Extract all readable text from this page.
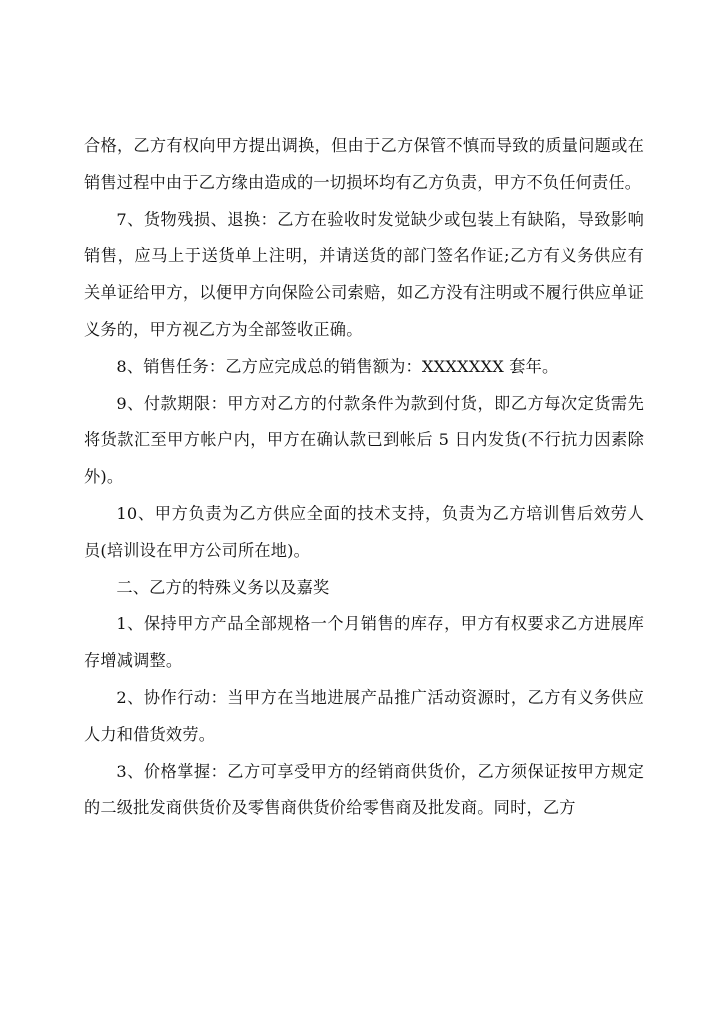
合格，乙方有权向甲方提出调换，但由于乙方保管不慎而导致的质量问题或在销售过程中由于乙方缘由造成的一切损坏均有乙方负责，甲方不负任何责任。

7、货物残损、退换：乙方在验收时发觉缺少或包装上有缺陷，导致影响销售，应马上于送货单上注明，并请送货的部门签名作证;乙方有义务供应有关单证给甲方，以便甲方向保险公司索赔，如乙方没有注明或不履行供应单证义务的，甲方视乙方为全部签收正确。

8、销售任务：乙方应完成总的销售额为：XXXXXXX 套年。

9、付款期限：甲方对乙方的付款条件为款到付货，即乙方每次定货需先将货款汇至甲方帐户内，甲方在确认款已到帐后 5 日内发货(不行抗力因素除外)。

10、甲方负责为乙方供应全面的技术支持，负责为乙方培训售后效劳人员(培训设在甲方公司所在地)。

二、乙方的特殊义务以及嘉奖

1、保持甲方产品全部规格一个月销售的库存，甲方有权要求乙方进展库存增减调整。

2、协作行动：当甲方在当地进展产品推广活动资源时，乙方有义务供应人力和借货效劳。

3、价格掌握：乙方可享受甲方的经销商供货价，乙方须保证按甲方规定的二级批发商供货价及零售商供货价给零售商及批发商。同时，乙方
